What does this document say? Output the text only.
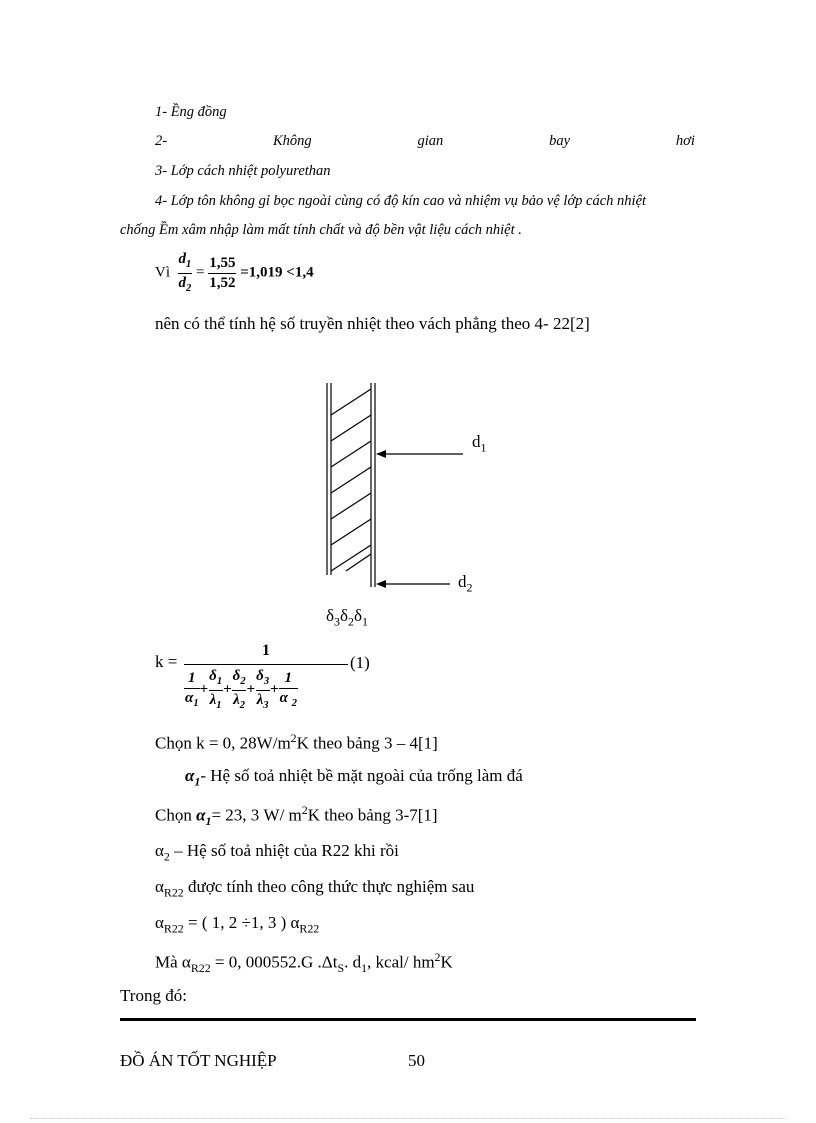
1- Ềng đồng
2-	Không	gian	bay	hơi
3- Lớp cách nhiệt polyurethan
4- Lớp tôn không gỉ bọc ngoài cùng có độ kín cao và nhiệm vụ bảo vệ lớp cách nhiệt
chống Ềm xâm nhập làm mất tính chất và độ bền vật liệu cách nhiệt .
Vì $\frac{d_1}{d_2} = \frac{1,55}{1,52} =1,019 <1,4$
nên có thể tính hệ số truyền nhiệt theo vách phẳng theo 4- 22[2]
$d_1$
$d_2$
$\delta_3\delta_2\delta_1$
k =
1
(1)
$\frac{1}{\alpha_1} + \frac{\delta_1}{\lambda_1} + \frac{\delta_2}{\lambda_2} + \frac{\delta_3}{\lambda_3} + \frac{1}{\alpha _2}$
Chọn k = 0, $28W/m^2K$ theo bảng 3 – 4[1]
$\alpha_1-$ Hệ số toả nhiệt bề mặt ngoài của trống làm đá
Chọn $\alpha_1= 23$, 3 W/ $m^2K$ theo bảng 3-7[1]
$\alpha_2$ – Hệ số toả nhiệt của R22 khi rồi
$\alpha_{R22}$ được tính theo công thức thực nghiệm sau
$\alpha_{R22}$ = ( 1, 2 ÷1, 3 ) $\alpha_{R22}$
Mà $\alpha_{R22} = 0$, 000552.G $.\Delta t_S$. $d_1$, kcal/ $hm^2K$
Trong đó:
ĐỒ ÁN TỐT NGHIỆP	50
